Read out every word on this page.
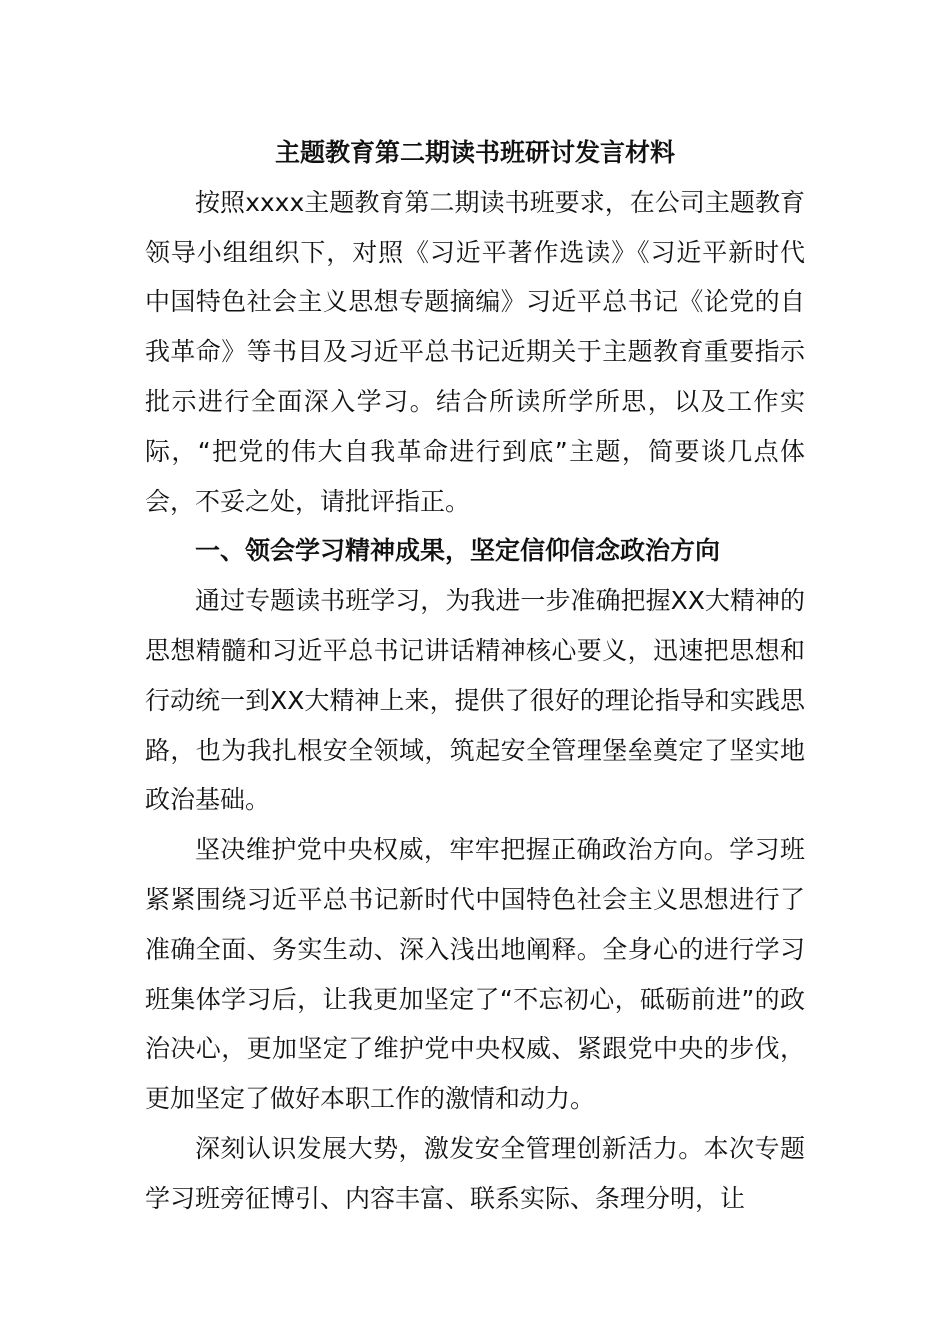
主题教育第二期读书班研讨发言材料

按照xxxx主题教育第二期读书班要求，在公司主题教育领导小组组织下，对照《习近平著作选读》《习近平新时代中国特色社会主义思想专题摘编》习近平总书记《论党的自我革命》等书目及习近平总书记近期关于主题教育重要指示批示进行全面深入学习。结合所读所学所思，以及工作实际，“把党的伟大自我革命进行到底”主题，简要谈几点体会，不妥之处，请批评指正。

一、领会学习精神成果，坚定信仰信念政治方向

通过专题读书班学习，为我进一步准确把握XX大精神的思想精髓和习近平总书记讲话精神核心要义，迅速把思想和行动统一到XX大精神上来，提供了很好的理论指导和实践思路，也为我扎根安全领域，筑起安全管理堡垒奠定了坚实地政治基础。

坚决维护党中央权威，牢牢把握正确政治方向。学习班紧紧围绕习近平总书记新时代中国特色社会主义思想进行了准确全面、务实生动、深入浅出地阐释。全身心的进行学习班集体学习后，让我更加坚定了“不忘初心，砥砺前进”的政治决心，更加坚定了维护党中央权威、紧跟党中央的步伐，更加坚定了做好本职工作的激情和动力。

深刻认识发展大势，激发安全管理创新活力。本次专题学习班旁征博引、内容丰富、联系实际、条理分明，让
